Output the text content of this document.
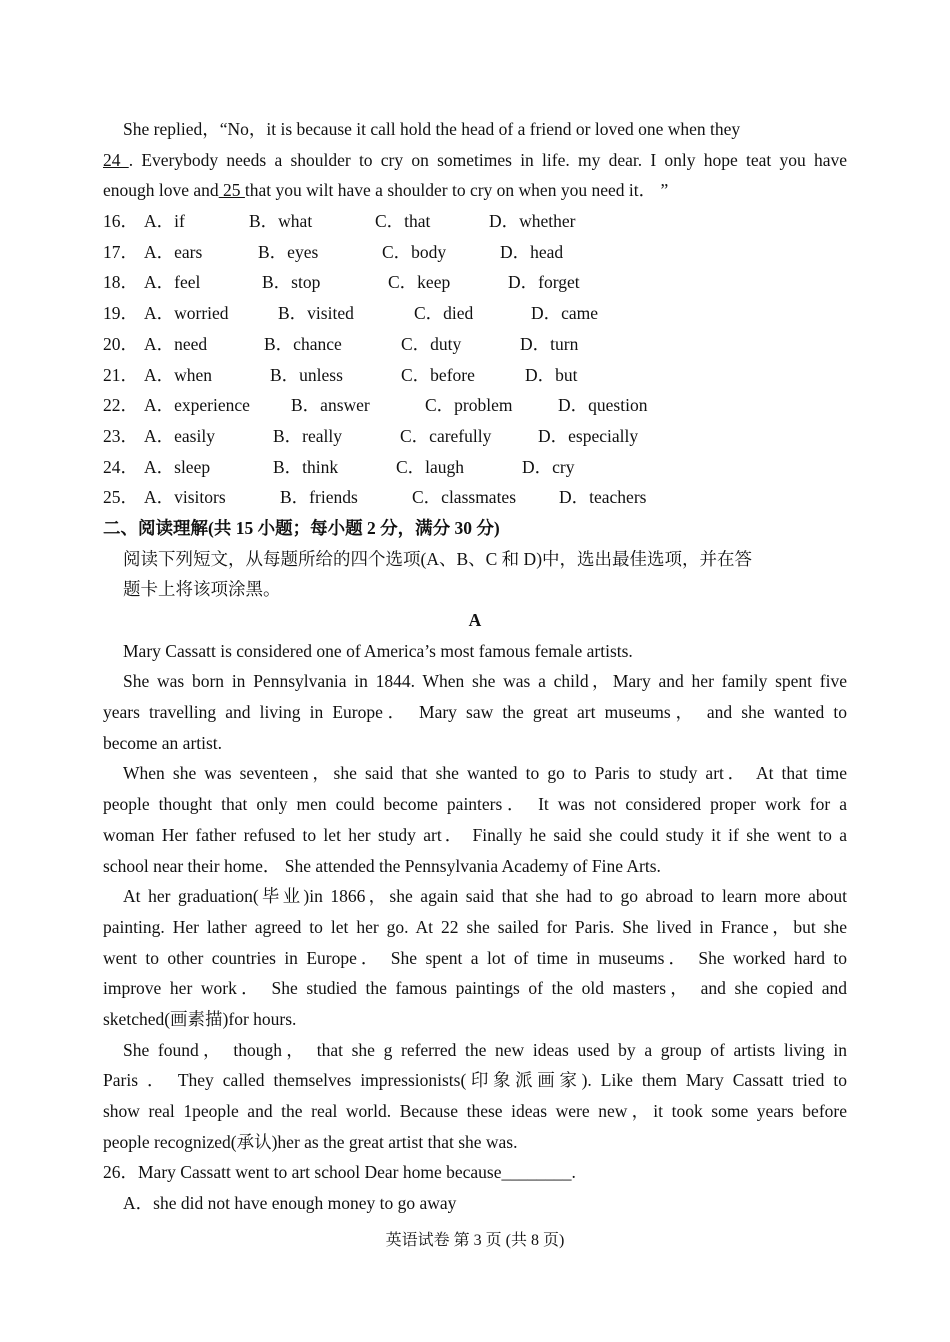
She replied，“No，it is because it call hold the head of a friend or loved one when they
24 . Everybody needs a shoulder to cry on sometimes in life. my dear. I only hope teat you have
enough love and 25 that you wilt have a shoulder to cry on when you need it． ”
16． A．if	B．what	C．that	D．whether
17． A．ears	B．eyes	C．body	D．head
18． A．feel	B．stop	C．keep	D．forget
19． A．worried	B．visited	C．died	D．came
20． A．need	B．chance	C．duty	D．turn
21． A．when	B．unless	C．before	D．but
22． A．experience B．answer	C．problem	D．question
23． A．easily	B．really	C．carefully	D．especially
24． A．sleep	B．think	C．laugh	D．cry
25． A．visitors	B．friends	C．classmates D．teachers
二、阅读理解(共 15 小题；每小题 2 分，满分 30 分)
阅读下列短文，从每题所给的四个选项(A、B、C 和 D)中，选出最佳选项，并在答
题卡上将该项涂黑。
A
Mary Cassatt is considered one of America’s most famous female artists.
She was born in Pennsylvania in 1844. When she was a child，Mary and her family spent five
years travelling and living in Europe． Mary saw the great art museums， and she wanted to
become an artist.
When she was seventeen，she said that she wanted to go to Paris to study art． At that time
people thought that only men could become painters． It was not considered proper work for a
woman Her father refused to let her study art． Finally he said she could study it if she went to a
school near their home． She attended the Pennsylvania Academy of Fine Arts.
At her graduation(毕业)in 1866，she again said that she had to go abroad to learn more about
painting. Her lather agreed to let her go. At 22 she sailed for Paris. She lived in France，but she
went to other countries in Europe． She spent a lot of time in museums． She worked hard to
improve her work． She studied the famous paintings of the old masters， and she copied and
sketched(画素描)for hours.
She found， though， that she g referred the new ideas used by a group of artists living in
Paris ． They called themselves impressionists(印象派画家). Like them Mary Cassatt tried to
show real 1people and the real world. Because these ideas were new，it took some years before
people recognized(承认)her as the great artist that she was.
26．Mary Cassatt went to art school Dear home because________.
A．she did not have enough money to go away
英语试卷 第 3 页 (共 8 页)
